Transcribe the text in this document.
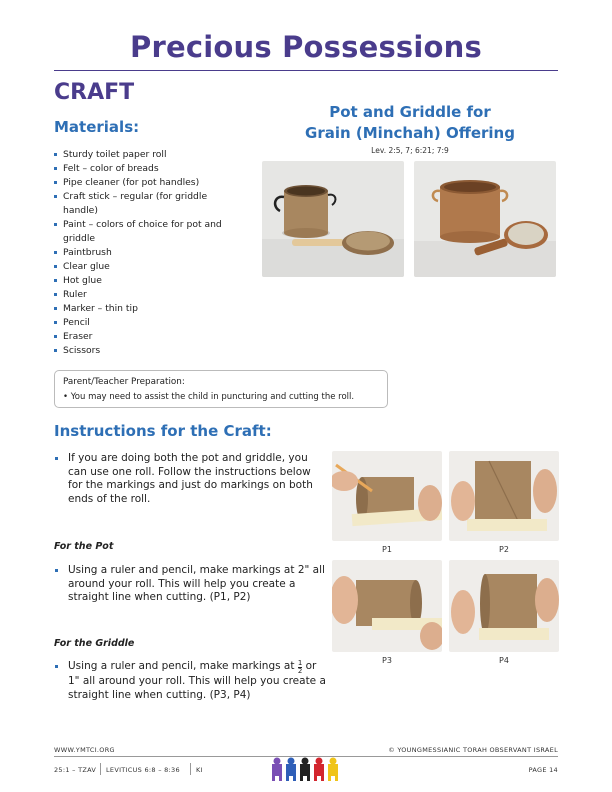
Precious Possessions
CRAFT
Materials:
Sturdy toilet paper roll
Felt – color of breads
Pipe cleaner (for pot handles)
Craft stick – regular (for griddle handle)
Paint – colors of choice for pot and griddle
Paintbrush
Clear glue
Hot glue
Ruler
Marker – thin tip
Pencil
Eraser
Scissors
Pot and Griddle for
Grain (Minchah) Offering
Lev. 2:5, 7; 6:21; 7:9
Parent/Teacher Preparation:
• You may need to assist the child in puncturing and cutting the roll.
Instructions for the Craft:
If you are doing both the pot and griddle, you can use one roll. Follow the instructions below for the markings and just do markings on both ends of the roll.
For the Pot
Using a ruler and pencil, make markings at 2" all around your roll. This will help you create a straight line when cutting. (P1, P2)
For the Griddle
Using a ruler and pencil, make markings at $\frac{1}{2}$ or 1" all around your roll. This will help you create a straight line when cutting. (P3, P4)
P1	P2
P3	P4
WWW.YMTCI.ORG
25:1 – TZAV LEVITICUS 6:8 – 8:36 KI
© YOUNGMESSIANIC TORAH OBSERVANT ISRAEL
PAGE 14
